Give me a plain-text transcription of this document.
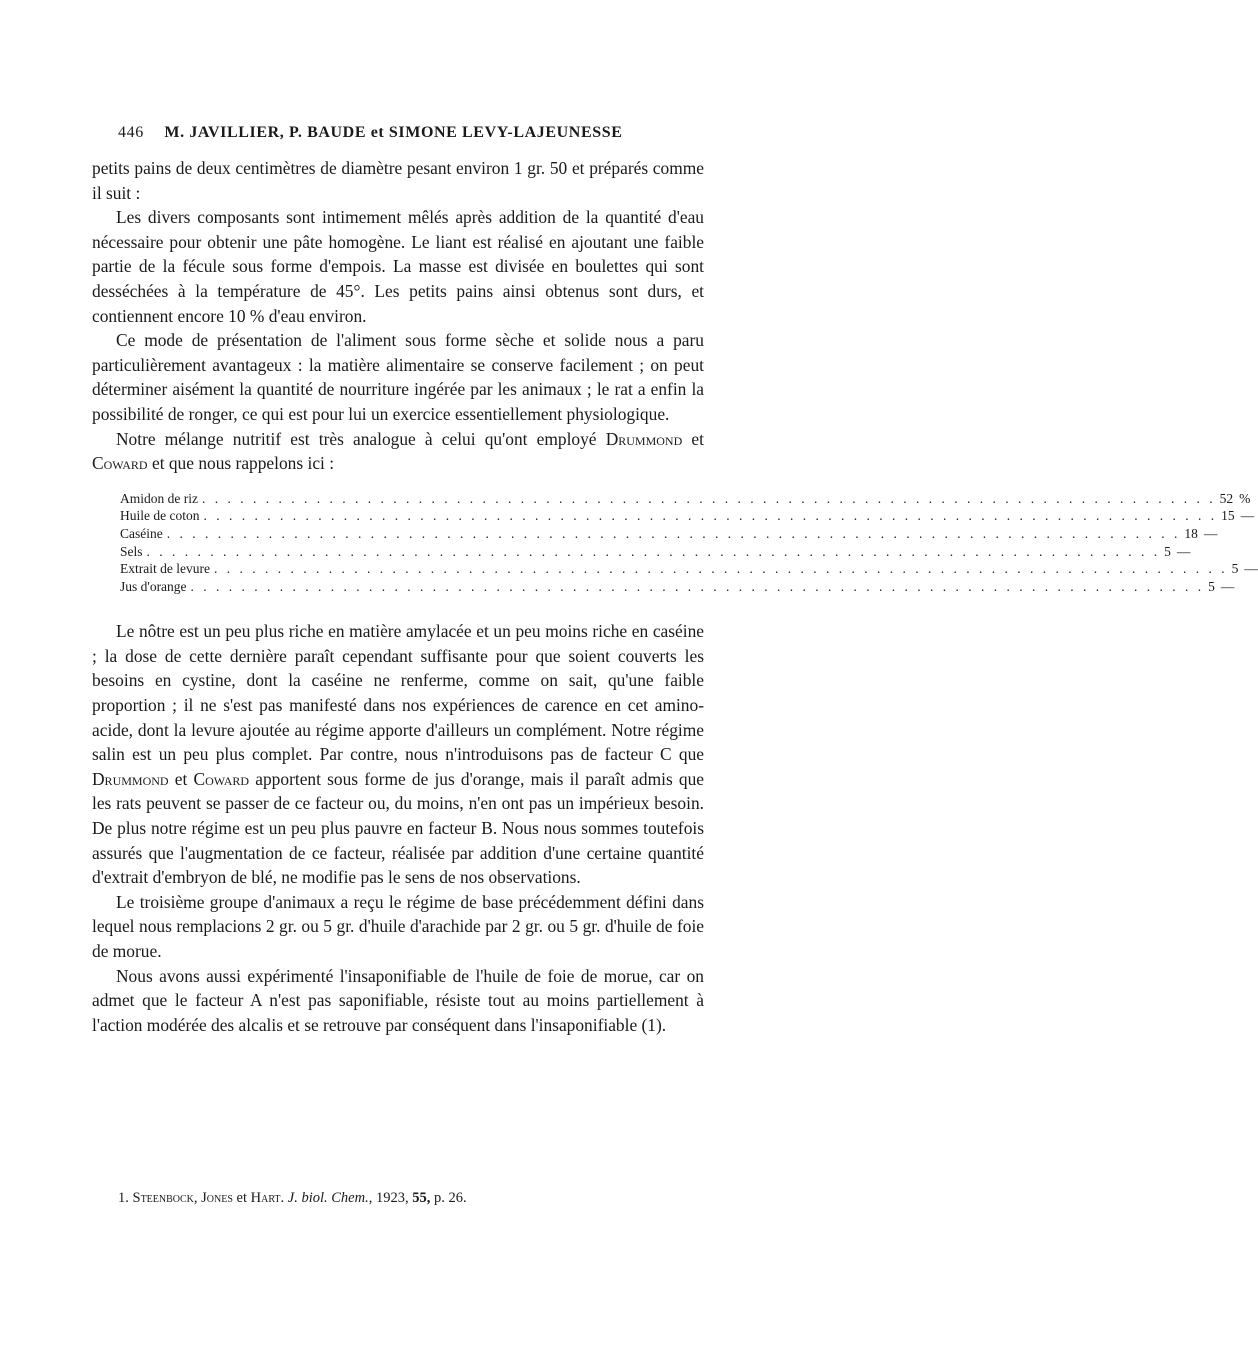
446 M. JAVILLIER, P. BAUDE et SIMONE LEVY-LAJEUNESSE

petits pains de deux centimètres de diamètre pesant environ 1 gr. 50 et préparés comme il suit :

Les divers composants sont intimement mêlés après addition de la quantité d'eau nécessaire pour obtenir une pâte homogène. Le liant est réalisé en ajoutant une faible partie de la fécule sous forme d'empois. La masse est divisée en boulettes qui sont desséchées à la température de 45°. Les petits pains ainsi obtenus sont durs, et contiennent encore 10 % d'eau environ.

Ce mode de présentation de l'aliment sous forme sèche et solide nous a paru particulièrement avantageux : la matière alimentaire se conserve facilement ; on peut déterminer aisément la quantité de nourriture ingérée par les animaux ; le rat a enfin la possibilité de ronger, ce qui est pour lui un exercice essentiellement physiologique.

Notre mélange nutritif est très analogue à celui qu'ont employé Drummond et Coward et que nous rappelons ici :

Amidon de riz . . . . . . . . . . . . . . . . . . . . . . . . . . . . . . . . . . . . . . . . . . . . . . . . . . . . . . . . . . . . . . . . . . . . . . . . . . . . . . . . 52 %
Huile de coton . . . . . . . . . . . . . . . . . . . . . . . . . . . . . . . . . . . . . . . . . . . . . . . . . . . . . . . . . . . . . . . . . . . . . . . . . . . . . . . . 15 —
Caséine . . . . . . . . . . . . . . . . . . . . . . . . . . . . . . . . . . . . . . . . . . . . . . . . . . . . . . . . . . . . . . . . . . . . . . . . . . . . . . . . 18 —
Sels . . . . . . . . . . . . . . . . . . . . . . . . . . . . . . . . . . . . . . . . . . . . . . . . . . . . . . . . . . . . . . . . . . . . . . . . . . . . . . . . 5 —
Extrait de levure . . . . . . . . . . . . . . . . . . . . . . . . . . . . . . . . . . . . . . . . . . . . . . . . . . . . . . . . . . . . . . . . . . . . . . . . . . . . . . . . 5 —
Jus d'orange . . . . . . . . . . . . . . . . . . . . . . . . . . . . . . . . . . . . . . . . . . . . . . . . . . . . . . . . . . . . . . . . . . . . . . . . . . . . . . . . 5 —

Le nôtre est un peu plus riche en matière amylacée et un peu moins riche en caséine ; la dose de cette dernière paraît cependant suffisante pour que soient couverts les besoins en cystine, dont la caséine ne renferme, comme on sait, qu'une faible proportion ; il ne s'est pas manifesté dans nos expériences de carence en cet amino-acide, dont la levure ajoutée au régime apporte d'ailleurs un complément. Notre régime salin est un peu plus complet. Par contre, nous n'introduisons pas de facteur C que Drummond et Coward apportent sous forme de jus d'orange, mais il paraît admis que les rats peuvent se passer de ce facteur ou, du moins, n'en ont pas un impérieux besoin. De plus notre régime est un peu plus pauvre en facteur B. Nous nous sommes toutefois assurés que l'augmentation de ce facteur, réalisée par addition d'une certaine quantité d'extrait d'embryon de blé, ne modifie pas le sens de nos observations.

Le troisième groupe d'animaux a reçu le régime de base précédemment défini dans lequel nous remplacions 2 gr. ou 5 gr. d'huile d'arachide par 2 gr. ou 5 gr. d'huile de foie de morue.

Nous avons aussi expérimenté l'insaponifiable de l'huile de foie de morue, car on admet que le facteur A n'est pas saponifiable, résiste tout au moins partiellement à l'action modérée des alcalis et se retrouve par conséquent dans l'insaponifiable (1).

1. Steenbock, Jones et Hart. J. biol. Chem., 1923, 55, p. 26.
